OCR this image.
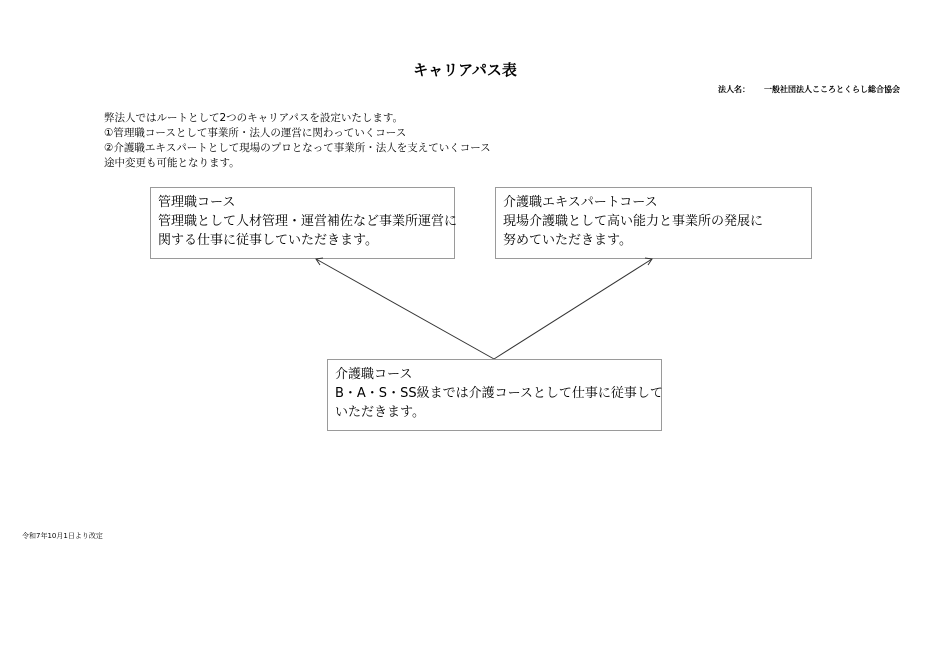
キャリアパス表
法人名： 一般社団法人こころとくらし総合協会
弊法人ではルートとして2つのキャリアパスを設定いたします。
①管理職コースとして事業所・法人の運営に関わっていくコース
②介護職エキスパートとして現場のプロとなって事業所・法人を支えていくコース
途中変更も可能となります。
管理職コース
管理職として人材管理・運営補佐など事業所運営に
関する仕事に従事していただきます。
介護職エキスパートコース
現場介護職として高い能力と事業所の発展に
努めていただきます。
介護職コース
B・A・S・SS級までは介護コースとして仕事に従事して
いただきます。
令和7年10月1日より改定
